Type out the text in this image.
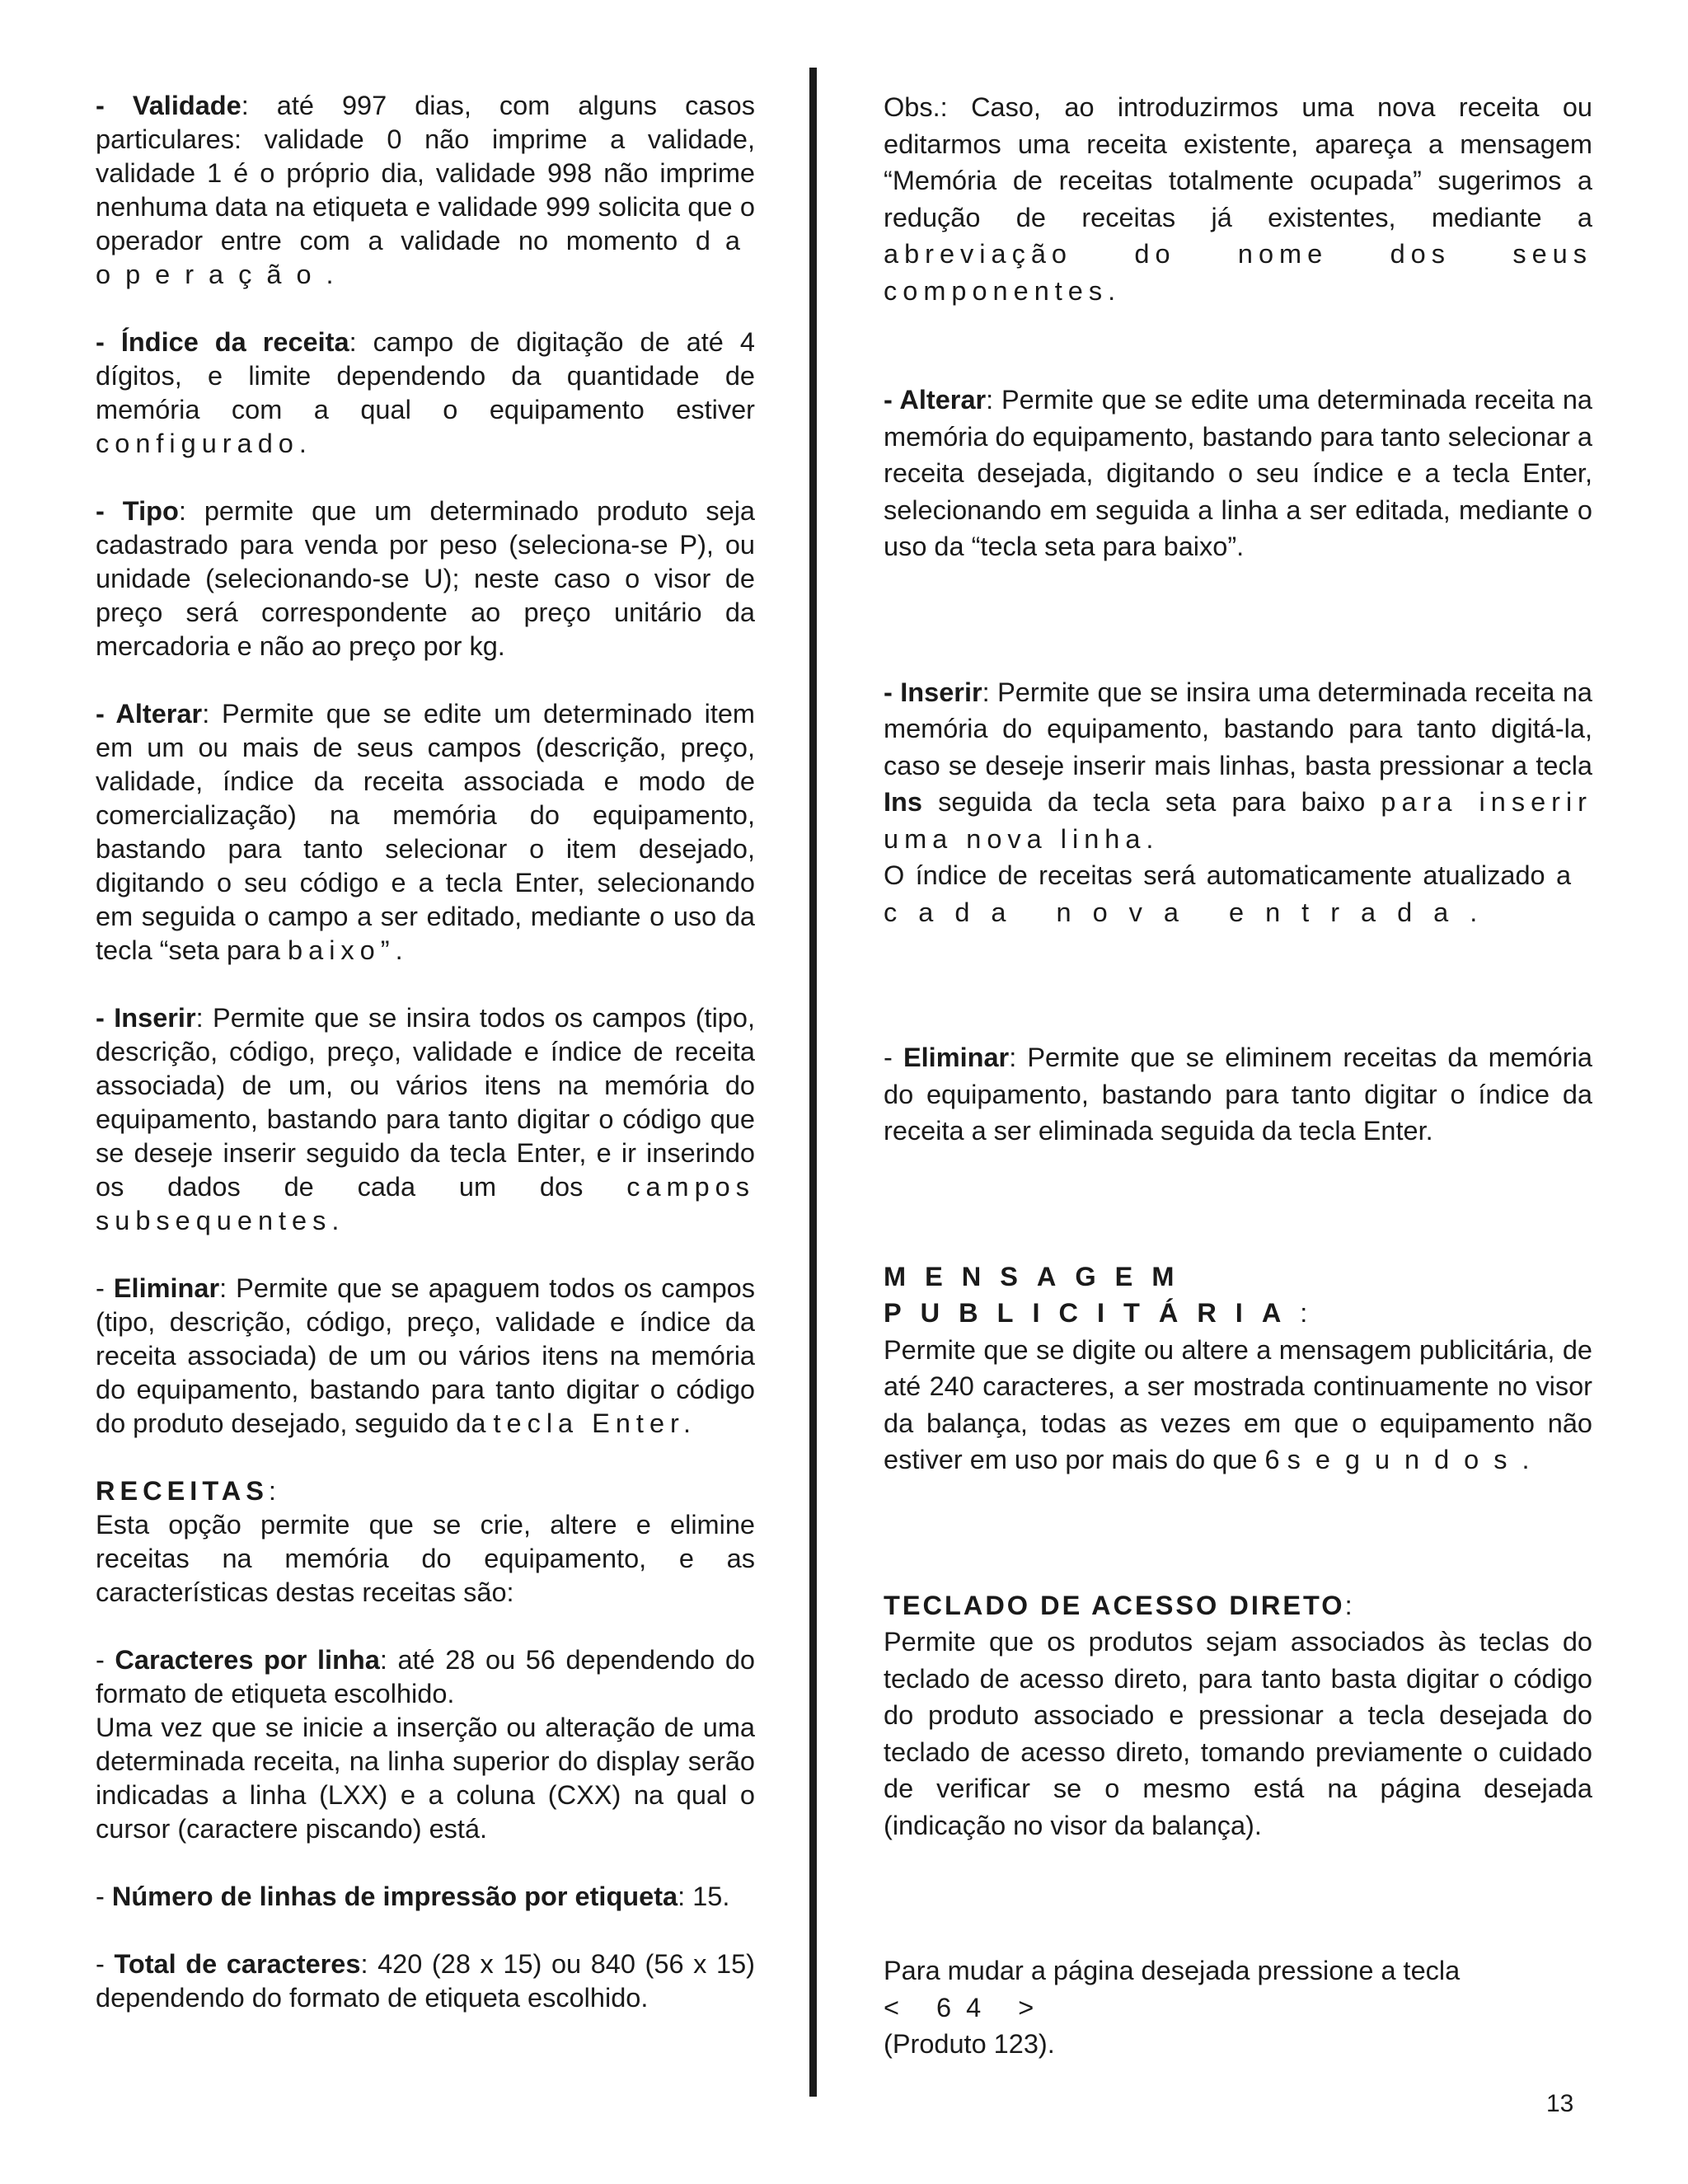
- Validade: até 997 dias, com alguns casos particulares: validade 0 não imprime a validade, validade 1 é o próprio dia, validade 998 não imprime nenhuma data na etiqueta e validade 999 solicita que o operador entre com a validade no momento da operação.

- Índice da receita: campo de digitação de até 4 dígitos, e limite dependendo da quantidade de memória com a qual o equipamento estiver configurado.

- Tipo: permite que um determinado produto seja cadastrado para venda por peso (seleciona-se P), ou unidade (selecionando-se U); neste caso o visor de preço será correspondente ao preço unitário da mercadoria e não ao preço por kg.

- Alterar: Permite que se edite um determinado item em um ou mais de seus campos (descrição, preço, validade, índice da receita associada e modo de comercialização) na memória do equipamento, bastando para tanto selecionar o item desejado, digitando o seu código e a tecla Enter, selecionando em seguida o campo a ser editado, mediante o uso da tecla “seta para baixo”.

- Inserir: Permite que se insira todos os campos (tipo, descrição, código, preço, validade e índice de receita associada) de um, ou vários itens na memória do equipamento, bastando para tanto digitar o código que se deseje inserir seguido da tecla Enter, e ir inserindo os dados de cada um dos campos subsequentes.

- Eliminar: Permite que se apaguem todos os campos (tipo, descrição, código, preço, validade e índice da receita associada) de um ou vários itens na memória do equipamento, bastando para tanto digitar o código do produto desejado, seguido da tecla Enter.

RECEITAS:
Esta opção permite que se crie, altere e elimine receitas na memória do equipamento, e as características destas receitas são:

- Caracteres por linha: até 28 ou 56 dependendo do formato de etiqueta escolhido.
Uma vez que se inicie a inserção ou alteração de uma determinada receita, na linha superior do display serão indicadas a linha (LXX) e a coluna (CXX) na qual o cursor (caractere piscando) está.

- Número de linhas de impressão por etiqueta: 15.

- Total de caracteres: 420 (28 x 15) ou 840 (56 x 15) dependendo do formato de etiqueta escolhido.

Obs.: Caso, ao introduzirmos uma nova receita ou editarmos uma receita existente, apareça a mensagem “Memória de receitas totalmente ocupada” sugerimos a redução de receitas já existentes, mediante a abreviação do nome dos seus componentes.

- Alterar: Permite que se edite uma determinada receita na memória do equipamento, bastando para tanto selecionar a receita desejada, digitando o seu índice e a tecla Enter, selecionando em seguida a linha a ser editada, mediante o uso da “tecla seta para baixo”.

- Inserir: Permite que se insira uma determinada receita na memória do equipamento, bastando para tanto digitá-la, caso se deseje inserir mais linhas, basta pressionar a tecla Ins seguida da tecla seta para baixo para inserir uma nova linha.
O índice de receitas será automaticamente atualizado a cada nova entrada.

- Eliminar: Permite que se eliminem receitas da memória do equipamento, bastando para tanto digitar o índice da receita a ser eliminada seguida da tecla Enter.

MENSAGEM PUBLICITÁRIA:
Permite que se digite ou altere a mensagem publicitária, de até 240 caracteres, a ser mostrada continuamente no visor da balança, todas as vezes em que o equipamento não estiver em uso por mais do que 6 segundos.

TECLADO DE ACESSO DIRETO:
Permite que os produtos sejam associados às teclas do teclado de acesso direto, para tanto basta digitar o código do produto associado e pressionar a tecla desejada do teclado de acesso direto, tomando previamente o cuidado de verificar se o mesmo está na página desejada (indicação no visor da balança).

Para mudar a página desejada pressione a tecla
< 64 >
(Produto 123).

13
